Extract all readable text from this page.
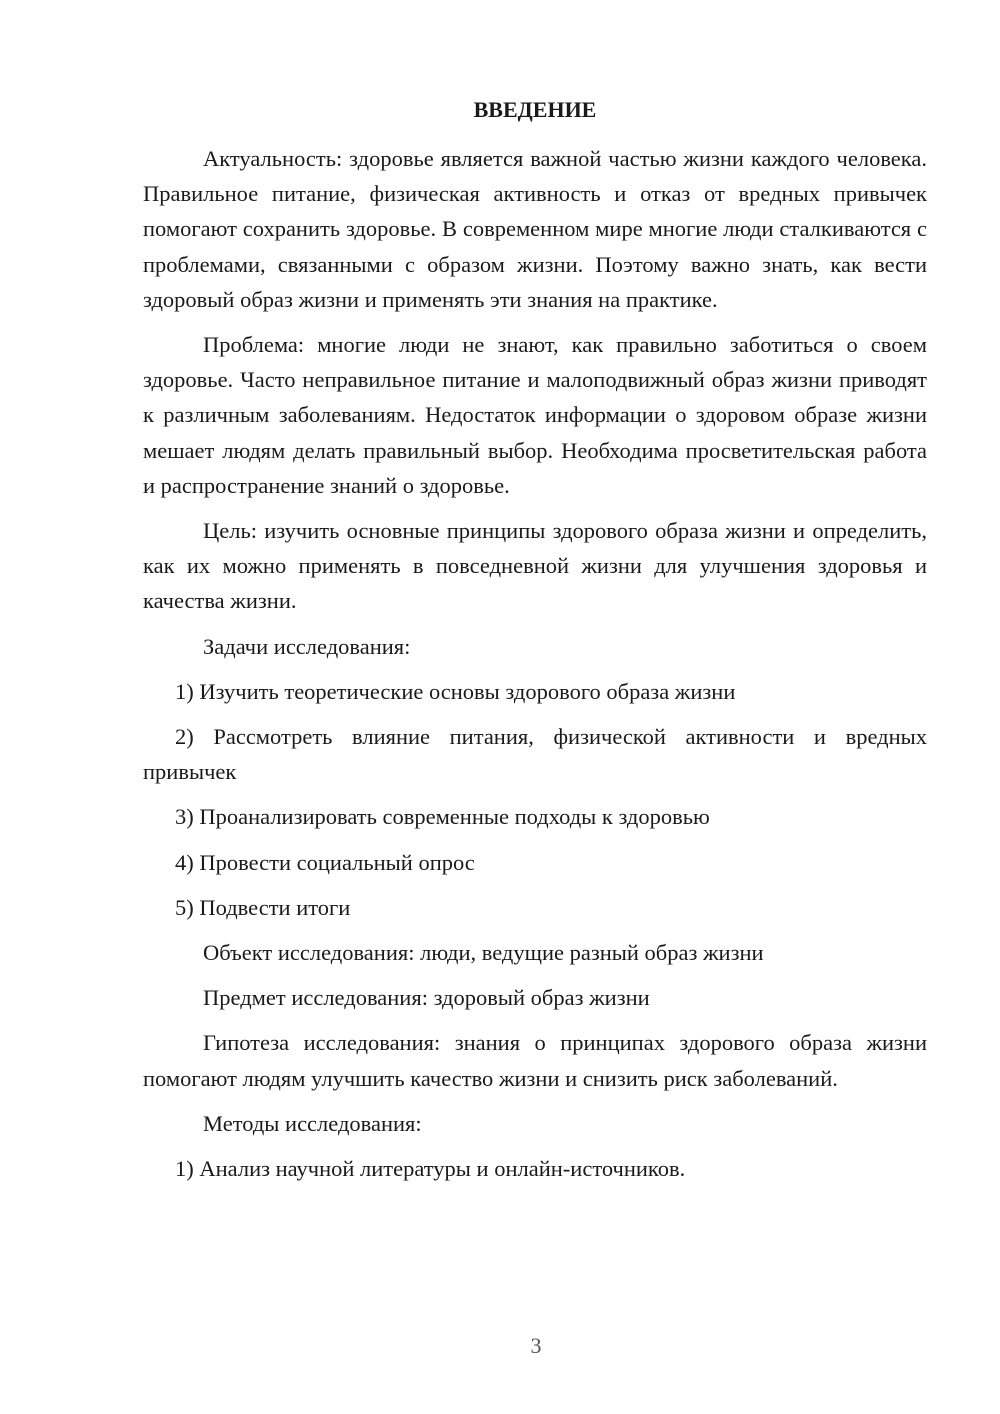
ВВЕДЕНИЕ

Актуальность: здоровье является важной частью жизни каждого человека. Правильное питание, физическая активность и отказ от вредных привычек помогают сохранить здоровье. В современном мире многие люди сталкиваются с проблемами, связанными с образом жизни. Поэтому важно знать, как вести здоровый образ жизни и применять эти знания на практике.

Проблема: многие люди не знают, как правильно заботиться о своем здоровье. Часто неправильное питание и малоподвижный образ жизни приводят к различным заболеваниям. Недостаток информации о здоровом образе жизни мешает людям делать правильный выбор. Необходима просветительская работа и распространение знаний о здоровье.

Цель: изучить основные принципы здорового образа жизни и определить, как их можно применять в повседневной жизни для улучшения здоровья и качества жизни.

Задачи исследования:

1) Изучить теоретические основы здорового образа жизни

2) Рассмотреть влияние питания, физической активности и вредных привычек

3) Проанализировать современные подходы к здоровью

4) Провести социальный опрос

5) Подвести итоги

Объект исследования: люди, ведущие разный образ жизни

Предмет исследования: здоровый образ жизни

Гипотеза исследования: знания о принципах здорового образа жизни помогают людям улучшить качество жизни и снизить риск заболеваний.

Методы исследования:

1) Анализ научной литературы и онлайн-источников.

3
